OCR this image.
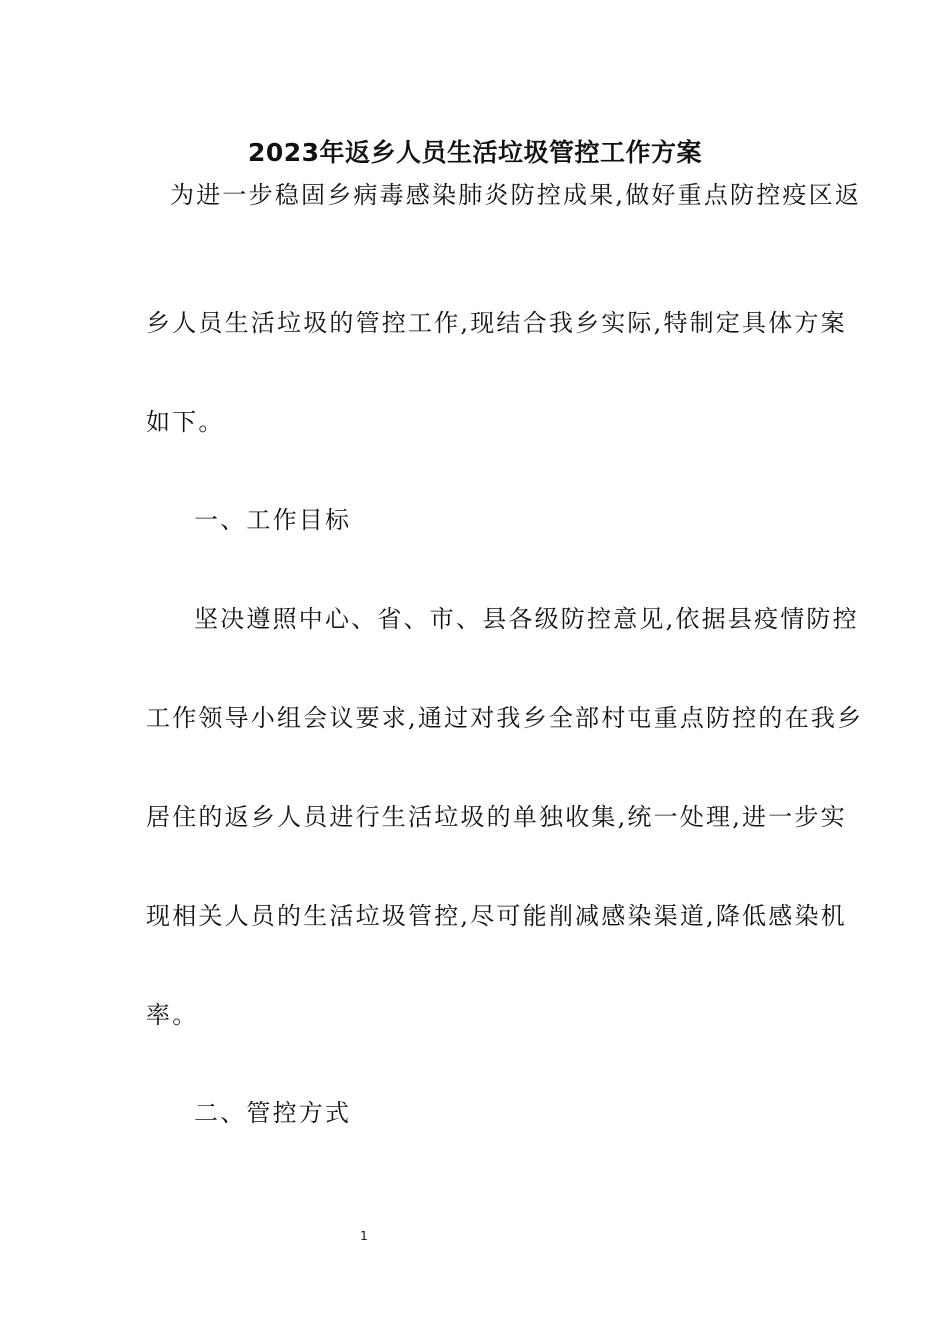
2023年返乡人员生活垃圾管控工作方案
为进一步稳固乡病毒感染肺炎防控成果,做好重点防控疫区返
乡人员生活垃圾的管控工作,现结合我乡实际,特制定具体方案
如下。
一、工作目标
坚决遵照中心、省、市、县各级防控意见,依据县疫情防控
工作领导小组会议要求,通过对我乡全部村屯重点防控的在我乡
居住的返乡人员进行生活垃圾的单独收集,统一处理,进一步实
现相关人员的生活垃圾管控,尽可能削减感染渠道,降低感染机
率。
二、管控方式
1
